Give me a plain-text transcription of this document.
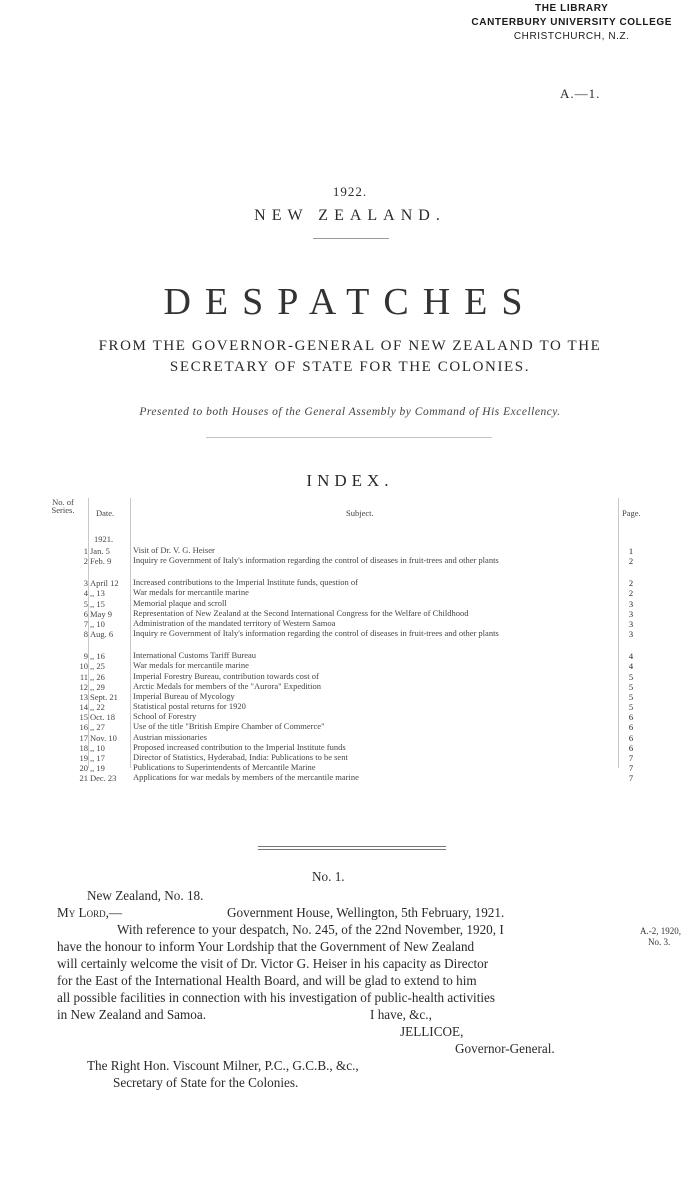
THE LIBRARY
CANTERBURY UNIVERSITY COLLEGE
CHRISTCHURCH, N.Z.
A.—1.
1922.
NEW ZEALAND.
DESPATCHES
FROM THE GOVERNOR-GENERAL OF NEW ZEALAND TO THE
SECRETARY OF STATE FOR THE COLONIES.
Presented to both Houses of the General Assembly by Command of His Excellency.
INDEX.
No. of Series.	Date.	Subject.	Page.
1921.
1 Jan. 5	Visit of Dr. V. G. Heiser	1
2 Feb. 9	Inquiry re Government of Italy's information regarding the control of diseases in fruit-trees and other plants	2
3 April 12	Increased contributions to the Imperial Institute funds, question of	2
4 ,, 13	War medals for mercantile marine	2
5 ,, 15	Memorial plaque and scroll	3
6 May 9	Representation of New Zealand at the Second International Congress for the Welfare of Childhood	3
7 ,, 10	Administration of the mandated territory of Western Samoa	3
8 Aug. 6	Inquiry re Government of Italy's information regarding the control of diseases in fruit-trees and other plants	3
9 ,, 16	International Customs Tariff Bureau	4
10 ,, 25	War medals for mercantile marine	4
11 ,, 26	Imperial Forestry Bureau, contribution towards cost of	5
12 ,, 29	Arctic Medals for members of the "Aurora" Expedition	5
13 Sept. 21	Imperial Bureau of Mycology	5
14 ,, 22	Statistical postal returns for 1920	5
15 Oct. 18	School of Forestry	6
16 ,, 27	Use of the title "British Empire Chamber of Commerce"	6
17 Nov. 10	Austrian missionaries	6
18 ,, 10	Proposed increased contribution to the Imperial Institute funds	6
19 ,, 17	Director of Statistics, Hyderabad, India: Publications to be sent	7
20 ,, 19	Publications to Superintendents of Mercantile Marine	7
21 Dec. 23	Applications for war medals by members of the mercantile marine	7
No. 1.
New Zealand, No. 18.
My Lord,—	Government House, Wellington, 5th February, 1921.
With reference to your despatch, No. 245, of the 22nd November, 1920, I
have the honour to inform Your Lordship that the Government of New Zealand
will certainly welcome the visit of Dr. Victor G. Heiser in his capacity as Director
for the East of the International Health Board, and will be glad to extend to him
all possible facilities in connection with his investigation of public-health activities
in New Zealand and Samoa.	I have, &c.,
JELLICOE,
Governor-General.
The Right Hon. Viscount Milner, P.C., G.C.B., &c.,
Secretary of State for the Colonies.
A.-2, 1920,
No. 3.
